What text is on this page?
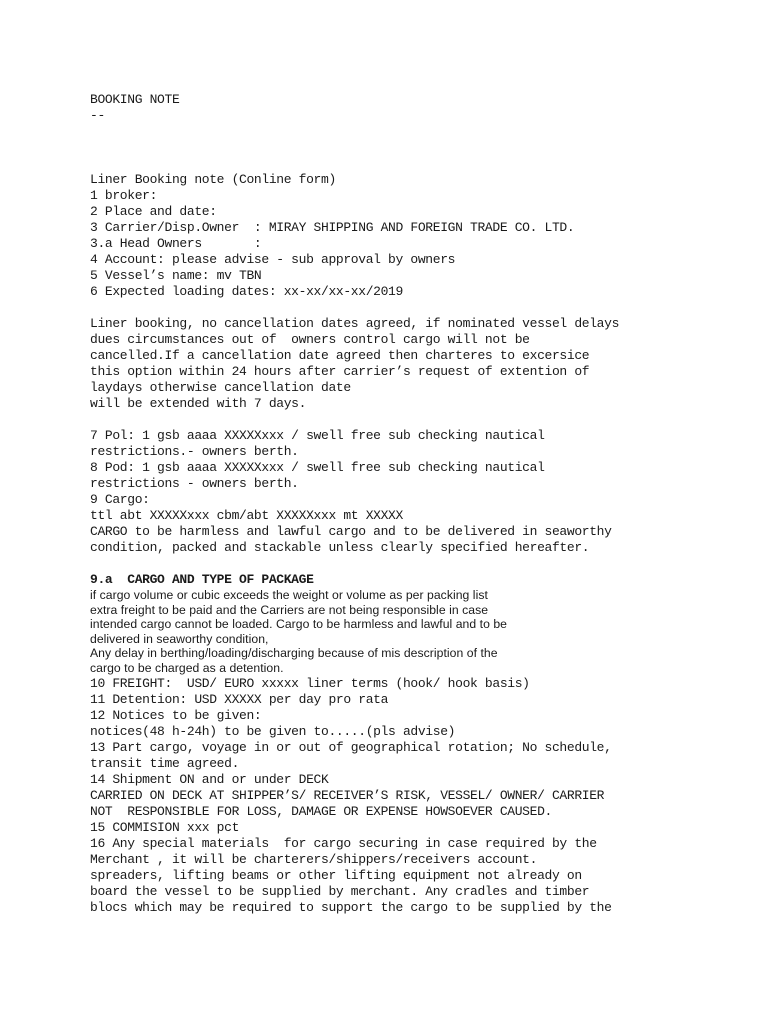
BOOKING NOTE
--
Liner Booking note (Conline form)
1 broker:
2 Place and date:
3 Carrier/Disp.Owner  : MIRAY SHIPPING AND FOREIGN TRADE CO. LTD.
3.a Head Owners       :
4 Account: please advise - sub approval by owners
5 Vessel’s name: mv TBN
6 Expected loading dates: xx-xx/xx-xx/2019
Liner booking, no cancellation dates agreed, if nominated vessel delays
dues circumstances out of  owners control cargo will not be
cancelled.If a cancellation date agreed then charteres to excersice
this option within 24 hours after carrier’s request of extention of
laydays otherwise cancellation date
will be extended with 7 days.
7 Pol: 1 gsb aaaa XXXXXxxx / swell free sub checking nautical
restrictions.- owners berth.
8 Pod: 1 gsb aaaa XXXXXxxx / swell free sub checking nautical
restrictions - owners berth.
9 Cargo:
ttl abt XXXXXxxx cbm/abt XXXXXxxx mt XXXXX
CARGO to be harmless and lawful cargo and to be delivered in seaworthy
condition, packed and stackable unless clearly specified hereafter.
9.a  CARGO AND TYPE OF PACKAGE
if cargo volume or cubic exceeds the weight or volume as per packing list
extra freight to be paid and the Carriers are not being responsible in case
intended cargo cannot be loaded. Cargo to be harmless and lawful and to be
delivered in seaworthy condition,
Any delay in berthing/loading/discharging because of mis description of the
cargo to be charged as a detention.
10 FREIGHT:  USD/ EURO xxxxx liner terms (hook/ hook basis)
11 Detention: USD XXXXX per day pro rata
12 Notices to be given:
notices(48 h-24h) to be given to.....(pls advise)
13 Part cargo, voyage in or out of geographical rotation; No schedule,
transit time agreed.
14 Shipment ON and or under DECK
CARRIED ON DECK AT SHIPPER’S/ RECEIVER’S RISK, VESSEL/ OWNER/ CARRIER
NOT  RESPONSIBLE FOR LOSS, DAMAGE OR EXPENSE HOWSOEVER CAUSED.
15 COMMISION xxx pct
16 Any special materials  for cargo securing in case required by the
Merchant , it will be charterers/shippers/receivers account.
spreaders, lifting beams or other lifting equipment not already on
board the vessel to be supplied by merchant. Any cradles and timber
blocs which may be required to support the cargo to be supplied by the
